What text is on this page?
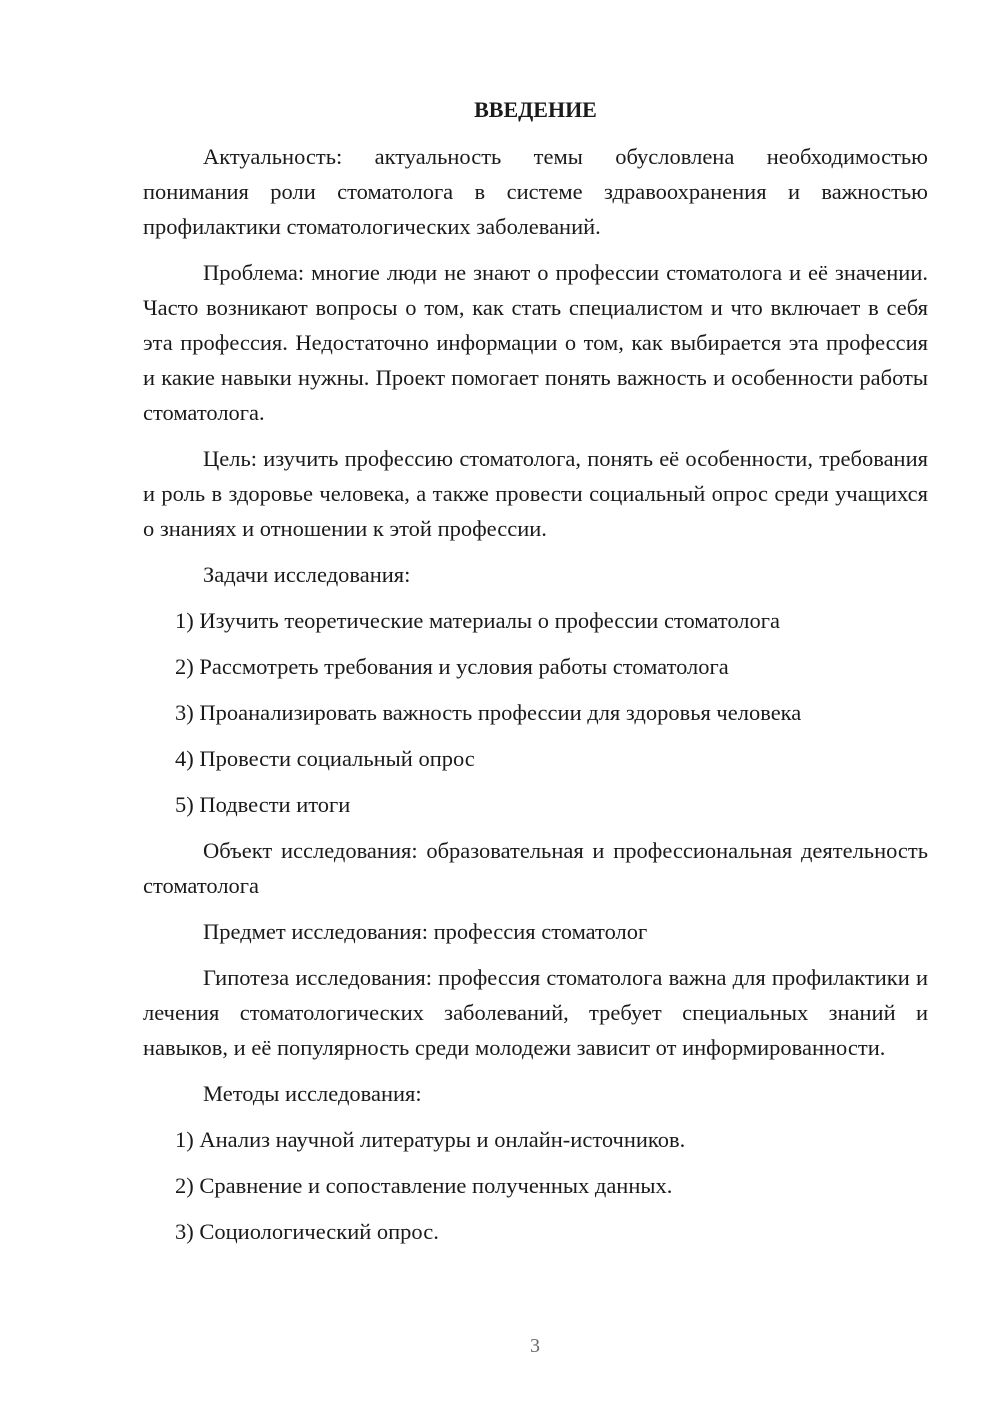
ВВЕДЕНИЕ

Актуальность: актуальность темы обусловлена необходимостью понимания роли стоматолога в системе здравоохранения и важностью профилактики стоматологических заболеваний.

Проблема: многие люди не знают о профессии стоматолога и её значении. Часто возникают вопросы о том, как стать специалистом и что включает в себя эта профессия. Недостаточно информации о том, как выбирается эта профессия и какие навыки нужны. Проект помогает понять важность и особенности работы стоматолога.

Цель: изучить профессию стоматолога, понять её особенности, требования и роль в здоровье человека, а также провести социальный опрос среди учащихся о знаниях и отношении к этой профессии.

Задачи исследования:

1) Изучить теоретические материалы о профессии стоматолога
2) Рассмотреть требования и условия работы стоматолога
3) Проанализировать важность профессии для здоровья человека
4) Провести социальный опрос
5) Подвести итоги

Объект исследования: образовательная и профессиональная деятельность стоматолога

Предмет исследования: профессия стоматолог

Гипотеза исследования: профессия стоматолога важна для профилактики и лечения стоматологических заболеваний, требует специальных знаний и навыков, и её популярность среди молодежи зависит от информированности.

Методы исследования:

1) Анализ научной литературы и онлайн-источников.
2) Сравнение и сопоставление полученных данных.
3) Социологический опрос.
3
